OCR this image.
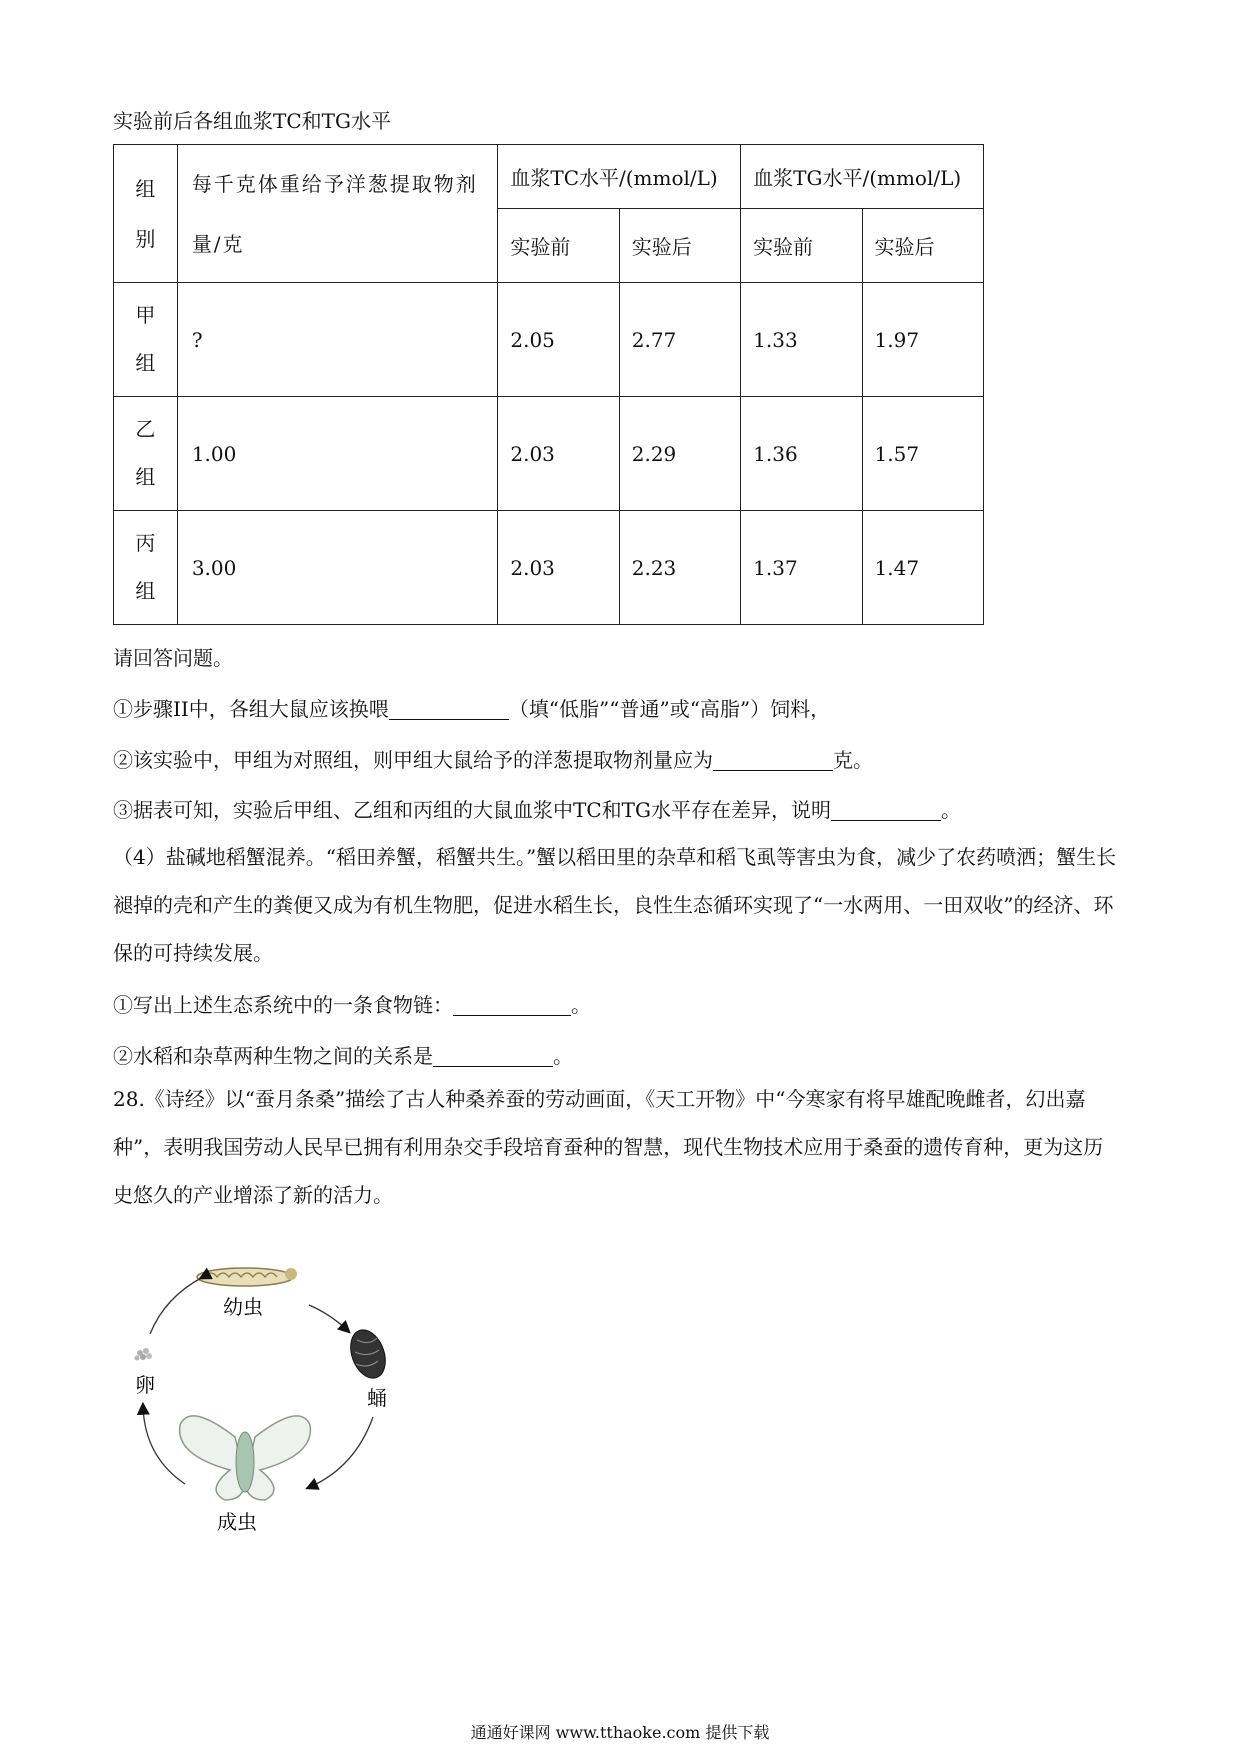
实验前后各组血浆TC和TG水平
组别	每千克体重给予洋葱提取物剂量/克	血浆TC水平/(mmol/L)		血浆TG水平/(mmol/L)	
		实验前	实验后	实验前	实验后
甲组	?	2.05	2.77	1.33	1.97
乙组	1.00	2.03	2.29	1.36	1.57
丙组	3.00	2.03	2.23	1.37	1.47
请回答问题。
①步骤II中，各组大鼠应该换喂	（填“低脂”“普通”或“高脂”）饲料，
②该实验中，甲组为对照组，则甲组大鼠给予的洋葱提取物剂量应为	克。
③据表可知，实验后甲组、乙组和丙组的大鼠血浆中TC和TG水平存在差异，说明	。
（4）盐碱地稻蟹混养。“稻田养蟹，稻蟹共生。”蟹以稻田里的杂草和稻飞虱等害虫为食，减少了农药喷洒；蟹生长褪掉的壳和产生的粪便又成为有机生物肥，促进水稻生长，良性生态循环实现了“一水两用、一田双收”的经济、环保的可持续发展。
①写出上述生态系统中的一条食物链：	。
②水稻和杂草两种生物之间的关系是	。
28.《诗经》以“蚕月条桑”描绘了古人种桑养蚕的劳动画面，《天工开物》中“今寒家有将早雄配晚雌者，幻出嘉种”，表明我国劳动人民早已拥有利用杂交手段培育蚕种的智慧，现代生物技术应用于桑蚕的遗传育种，更为这历史悠久的产业增添了新的活力。
幼虫
蛹
成虫
卵
通通好课网 www.tthaoke.com 提供下载
